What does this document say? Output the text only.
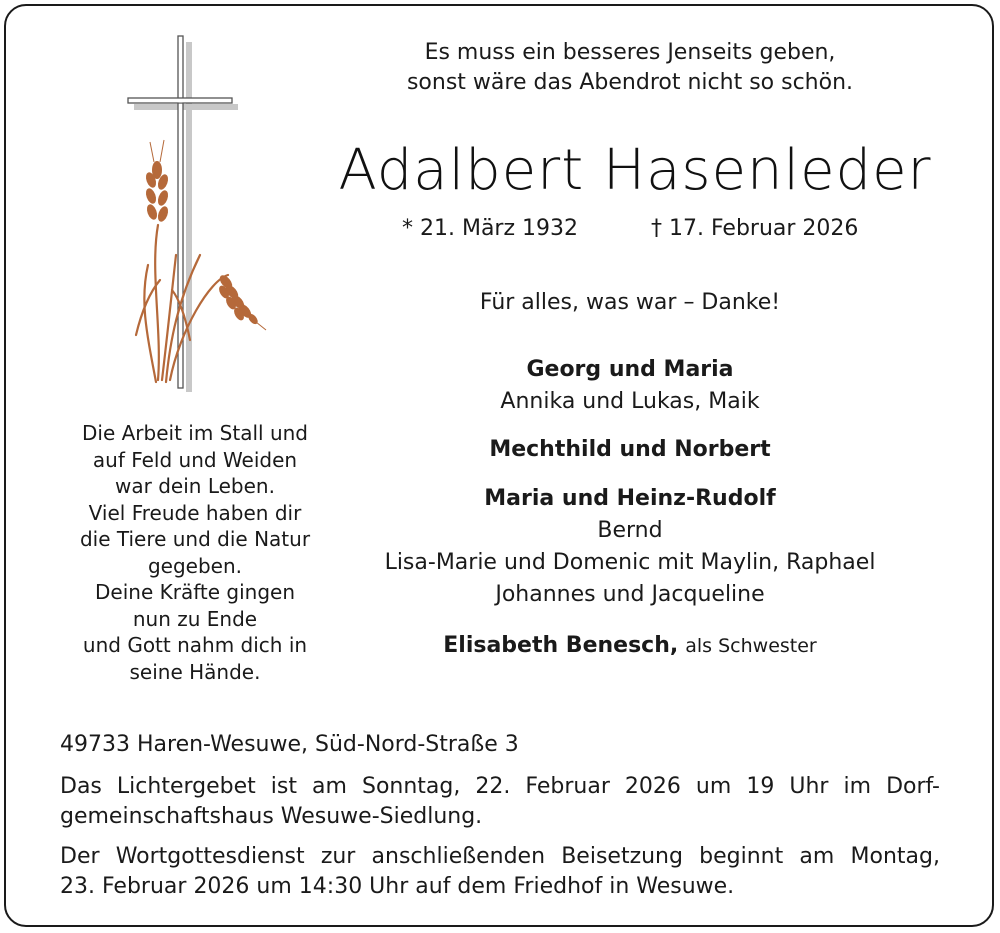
Es muss ein besseres Jenseits geben,
sonst wäre das Abendrot nicht so schön.
Adalbert Hasenleder
* 21. März 1932	† 17. Februar 2026
Für alles, was war – Danke!
Georg und Maria
Annika und Lukas, Maik
Mechthild und Norbert
Maria und Heinz-Rudolf
Bernd
Lisa-Marie und Domenic mit Maylin, Raphael
Johannes und Jacqueline
Elisabeth Benesch, als Schwester
Die Arbeit im Stall und
auf Feld und Weiden
war dein Leben.
Viel Freude haben dir
die Tiere und die Natur
gegeben.
Deine Kräfte gingen
nun zu Ende
und Gott nahm dich in
seine Hände.
49733 Haren-Wesuwe, Süd-Nord-Straße 3
Das Lichtergebet ist am Sonntag, 22. Februar 2026 um 19 Uhr im Dorf-
gemeinschaftshaus Wesuwe-Siedlung.
Der Wortgottesdienst zur anschließenden Beisetzung beginnt am Montag,
23. Februar 2026 um 14:30 Uhr auf dem Friedhof in Wesuwe.
